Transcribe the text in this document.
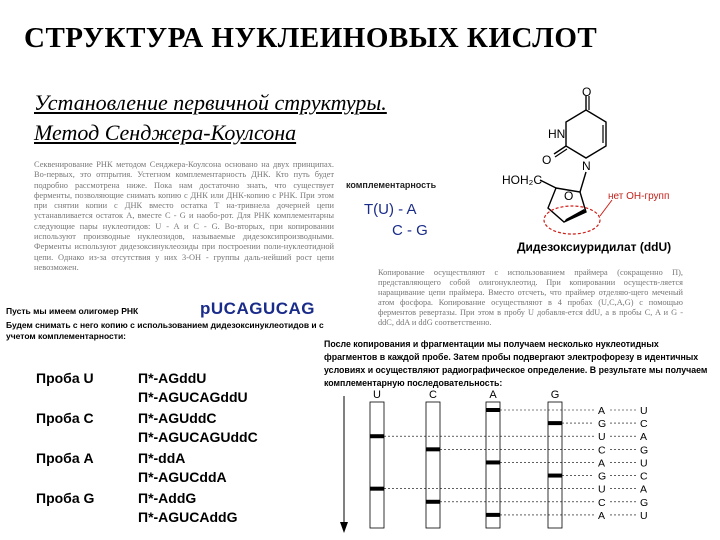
СТРУКТУРА НУКЛЕИНОВЫХ КИСЛОТ
Установление первичной структуры.
Метод Сенджера-Коулсона
Секвенирование РНК методом Сенджера-Коулсона основано на двух принципах. Во-первых, это отпрытия. Устегном комплементарность ДНК. Кто путь будет подробно рассмотрена ниже. Пока нам достаточно знать, что существует ферменты, позволяющие снимать копию с ДНК или ДНК-копию с РНК. При этом при снятии копии с ДНК вместо остатка Т на-тривнела дочерней цепи устанавливается остаток А, вместе С - G и наобо-рот. Для РНК комплементарны следующие пары нуклеотидов: U - A и C - G. Во-вторых, при копировании используют производные нуклеозидов, называемые дидезоксипроизводными. Ферменты используют дидезоксинуклеозиды при построении поли-нуклеотидной цепи. Однако из-за отсутствия у них 3-ОН - группы даль-нейший рост цепи невозможен.
комплементарность
T(U) - A
C - G
O
HN
O	N
O
HOH₂C
нет ОН-групп
Дидезоксиуридилат (ddU)
Копирование осуществляют с использованием праймера (сокращенно П), представляющего собой олигонуклеотид. При копировании осуществ-ляется наращивание цепи праймера. Вместо отсчеть, что праймер отделяю-щего меченый атом фосфора. Копирование осуществляют в 4 пробах (U,C,A,G) с помощью ферментов ревертазы. При этом в пробу U добавля-ется ddU, а в пробы C, A и G - ddC, ddA и ddG соответственно.
Пусть мы имеем олигомер РНК	pUCAGUCAG
Будем снимать с него копию с использованием дидезоксинуклеотидов и с учетом комплементарности:
После копирования и фрагментации мы получаем несколько нуклеотидных фрагментов в каждой пробе. Затем пробы подвергают электрофорезу в идентичных условиях и осуществляют радиографическое определение. В результате мы получаем комплементарную последовательность:
Проба U	П*-AGddU
П*-AGUCAGddU
Проба C	П*-AGUddC
П*-AGUCAGUddC
Проба A	П*-ddA
П*-AGUCddA
Проба G	П*-AddG
П*-AGUCAddG
U	C	A	G
A	U
G	C
U	A
C	G
A	U
G	C
U	A
C	G
A	U
